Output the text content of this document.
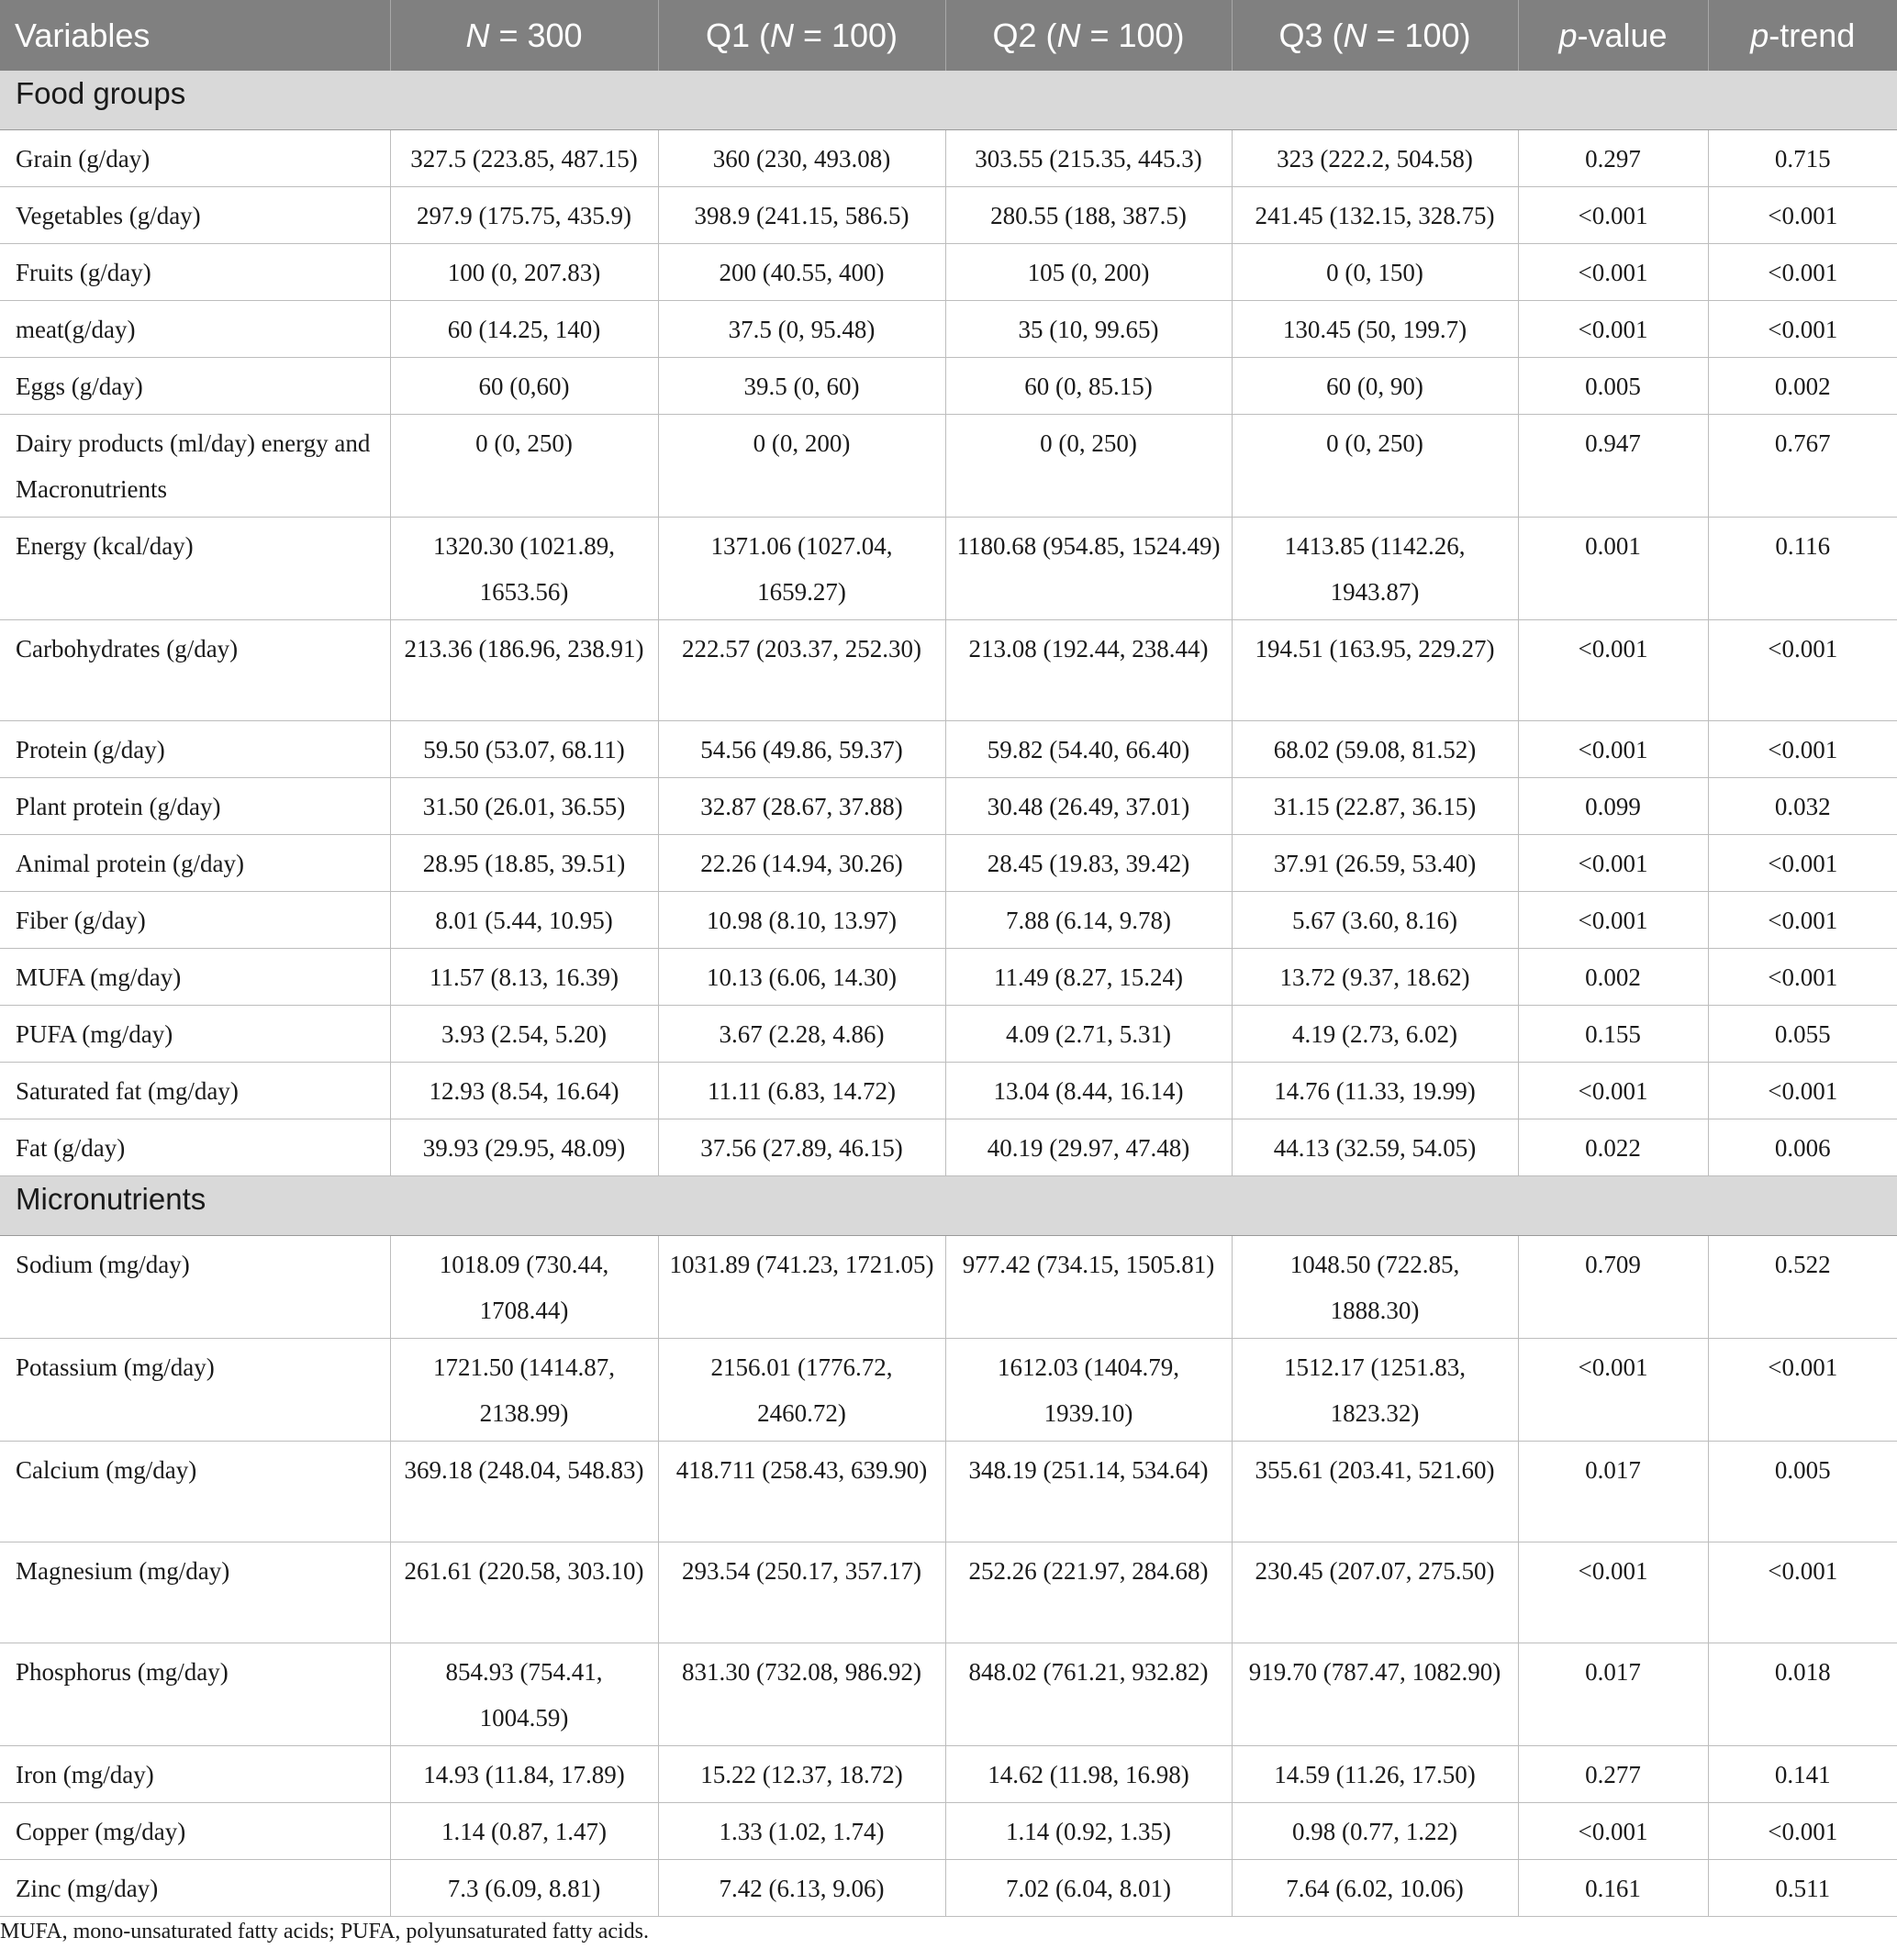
Variables	N = 300	Q1 (N = 100)	Q2 (N = 100)	Q3 (N = 100)	p-value	p-trend
Food groups						
Grain (g/day)	327.5 (223.85, 487.15)	360 (230, 493.08)	303.55 (215.35, 445.3)	323 (222.2, 504.58)	0.297	0.715
Vegetables (g/day)	297.9 (175.75, 435.9)	398.9 (241.15, 586.5)	280.55 (188, 387.5)	241.45 (132.15, 328.75)	<0.001	<0.001
Fruits (g/day)	100 (0, 207.83)	200 (40.55, 400)	105 (0, 200)	0 (0, 150)	<0.001	<0.001
meat(g/day)	60 (14.25, 140)	37.5 (0, 95.48)	35 (10, 99.65)	130.45 (50, 199.7)	<0.001	<0.001
Eggs (g/day)	60 (0,60)	39.5 (0, 60)	60 (0, 85.15)	60 (0, 90)	0.005	0.002
Dairy products (ml/day) energy and Macronutrients	0 (0, 250)	0 (0, 200)	0 (0, 250)	0 (0, 250)	0.947	0.767
Energy (kcal/day)	1320.30 (1021.89, 1653.56)	1371.06 (1027.04, 1659.27)	1180.68 (954.85, 1524.49)	1413.85 (1142.26, 1943.87)	0.001	0.116
Carbohydrates (g/day)	213.36 (186.96, 238.91)	222.57 (203.37, 252.30)	213.08 (192.44, 238.44)	194.51 (163.95, 229.27)	<0.001	<0.001
Protein (g/day)	59.50 (53.07, 68.11)	54.56 (49.86, 59.37)	59.82 (54.40, 66.40)	68.02 (59.08, 81.52)	<0.001	<0.001
Plant protein (g/day)	31.50 (26.01, 36.55)	32.87 (28.67, 37.88)	30.48 (26.49, 37.01)	31.15 (22.87, 36.15)	0.099	0.032
Animal protein (g/day)	28.95 (18.85, 39.51)	22.26 (14.94, 30.26)	28.45 (19.83, 39.42)	37.91 (26.59, 53.40)	<0.001	<0.001
Fiber (g/day)	8.01 (5.44, 10.95)	10.98 (8.10, 13.97)	7.88 (6.14, 9.78)	5.67 (3.60, 8.16)	<0.001	<0.001
MUFA (mg/day)	11.57 (8.13, 16.39)	10.13 (6.06, 14.30)	11.49 (8.27, 15.24)	13.72 (9.37, 18.62)	0.002	<0.001
PUFA (mg/day)	3.93 (2.54, 5.20)	3.67 (2.28, 4.86)	4.09 (2.71, 5.31)	4.19 (2.73, 6.02)	0.155	0.055
Saturated fat (mg/day)	12.93 (8.54, 16.64)	11.11 (6.83, 14.72)	13.04 (8.44, 16.14)	14.76 (11.33, 19.99)	<0.001	<0.001
Fat (g/day)	39.93 (29.95, 48.09)	37.56 (27.89, 46.15)	40.19 (29.97, 47.48)	44.13 (32.59, 54.05)	0.022	0.006
Micronutrients						
Sodium (mg/day)	1018.09 (730.44, 1708.44)	1031.89 (741.23, 1721.05)	977.42 (734.15, 1505.81)	1048.50 (722.85, 1888.30)	0.709	0.522
Potassium (mg/day)	1721.50 (1414.87, 2138.99)	2156.01 (1776.72, 2460.72)	1612.03 (1404.79, 1939.10)	1512.17 (1251.83, 1823.32)	<0.001	<0.001
Calcium (mg/day)	369.18 (248.04, 548.83)	418.711 (258.43, 639.90)	348.19 (251.14, 534.64)	355.61 (203.41, 521.60)	0.017	0.005
Magnesium (mg/day)	261.61 (220.58, 303.10)	293.54 (250.17, 357.17)	252.26 (221.97, 284.68)	230.45 (207.07, 275.50)	<0.001	<0.001
Phosphorus (mg/day)	854.93 (754.41, 1004.59)	831.30 (732.08, 986.92)	848.02 (761.21, 932.82)	919.70 (787.47, 1082.90)	0.017	0.018
Iron (mg/day)	14.93 (11.84, 17.89)	15.22 (12.37, 18.72)	14.62 (11.98, 16.98)	14.59 (11.26, 17.50)	0.277	0.141
Copper (mg/day)	1.14 (0.87, 1.47)	1.33 (1.02, 1.74)	1.14 (0.92, 1.35)	0.98 (0.77, 1.22)	<0.001	<0.001
Zinc (mg/day)	7.3 (6.09, 8.81)	7.42 (6.13, 9.06)	7.02 (6.04, 8.01)	7.64 (6.02, 10.06)	0.161	0.511
MUFA, mono-unsaturated fatty acids; PUFA, polyunsaturated fatty acids.
